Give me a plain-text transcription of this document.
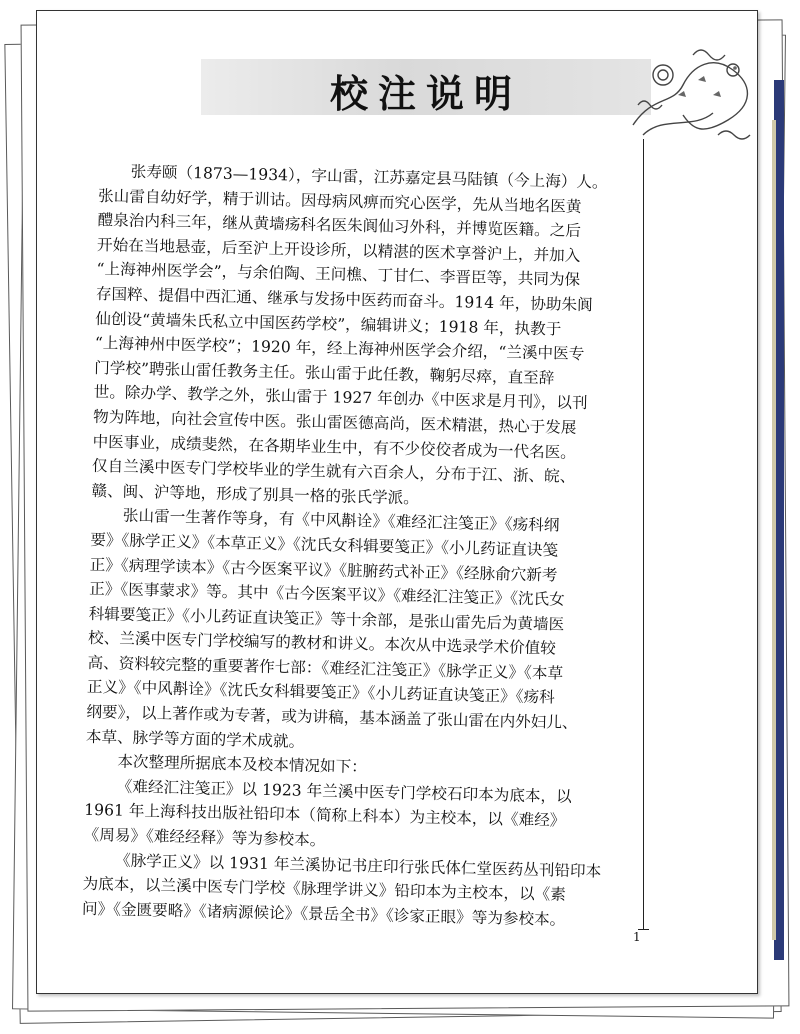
校注说明
1
张寿颐（1873—1934），字山雷，江苏嘉定县马陆镇（今上海）人。
张山雷自幼好学，精于训诂。因母病风痹而究心医学，先从当地名医黄
醴泉治内科三年，继从黄墙疡科名医朱阆仙习外科，并博览医籍。之后
开始在当地悬壶，后至沪上开设诊所，以精湛的医术享誉沪上，并加入
“上海神州医学会”，与余伯陶、王问樵、丁甘仁、李晋臣等，共同为保
存国粹、提倡中西汇通、继承与发扬中医药而奋斗。1914 年，协助朱阆
仙创设“黄墙朱氏私立中国医药学校”，编辑讲义；1918 年，执教于
“上海神州中医学校”；1920 年，经上海神州医学会介绍，“兰溪中医专
门学校”聘张山雷任教务主任。张山雷于此任教，鞠躬尽瘁，直至辞
世。除办学、教学之外，张山雷于 1927 年创办《中医求是月刊》，以刊
物为阵地，向社会宣传中医。张山雷医德高尚，医术精湛，热心于发展
中医事业，成绩斐然，在各期毕业生中，有不少佼佼者成为一代名医。
仅自兰溪中医专门学校毕业的学生就有六百余人，分布于江、浙、皖、
赣、闽、沪等地，形成了别具一格的张氏学派。
张山雷一生著作等身，有《中风斠诠》《难经汇注笺正》《疡科纲
要》《脉学正义》《本草正义》《沈氏女科辑要笺正》《小儿药证直诀笺
正》《病理学读本》《古今医案平议》《脏腑药式补正》《经脉俞穴新考
正》《医事蒙求》等。其中《古今医案平议》《难经汇注笺正》《沈氏女
科辑要笺正》《小儿药证直诀笺正》等十余部，是张山雷先后为黄墙医
校、兰溪中医专门学校编写的教材和讲义。本次从中选录学术价值较
高、资料较完整的重要著作七部：《难经汇注笺正》《脉学正义》《本草
正义》《中风斠诠》《沈氏女科辑要笺正》《小儿药证直诀笺正》《疡科
纲要》，以上著作或为专著，或为讲稿，基本涵盖了张山雷在内外妇儿、
本草、脉学等方面的学术成就。
本次整理所据底本及校本情况如下：
《难经汇注笺正》以 1923 年兰溪中医专门学校石印本为底本，以
1961 年上海科技出版社铅印本（简称上科本）为主校本，以《难经》
《周易》《难经经释》等为参校本。
《脉学正义》以 1931 年兰溪协记书庄印行张氏体仁堂医药丛刊铅印本
为底本，以兰溪中医专门学校《脉理学讲义》铅印本为主校本，以《素
问》《金匮要略》《诸病源候论》《景岳全书》《诊家正眼》等为参校本。
